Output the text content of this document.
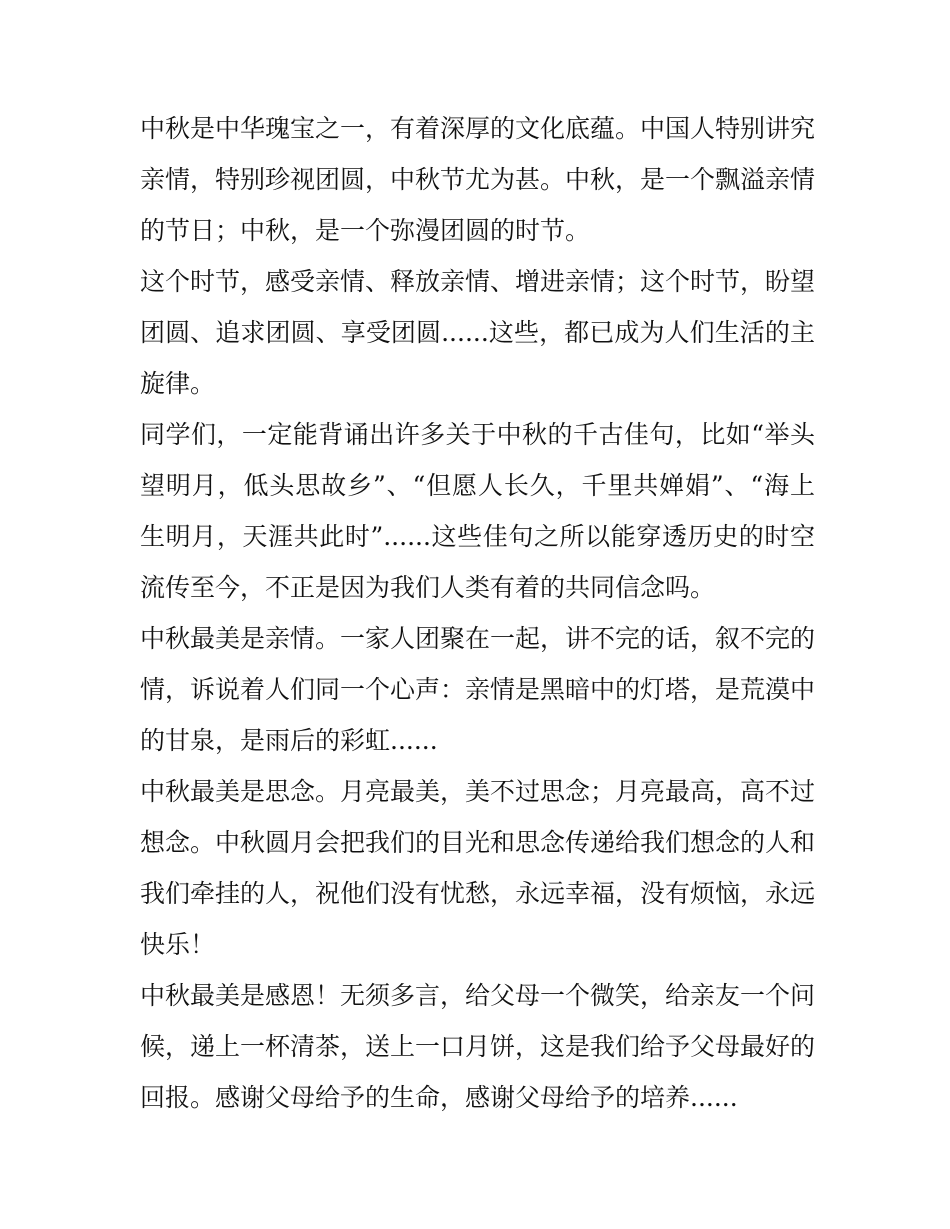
中秋是中华瑰宝之一，有着深厚的文化底蕴。中国人特别讲究亲情，特别珍视团圆，中秋节尤为甚。中秋，是一个飘溢亲情的节日；中秋，是一个弥漫团圆的时节。

这个时节，感受亲情、释放亲情、增进亲情；这个时节，盼望团圆、追求团圆、享受团圆......这些，都已成为人们生活的主旋律。

同学们，一定能背诵出许多关于中秋的千古佳句，比如“举头望明月，低头思故乡”、“但愿人长久，千里共婵娟”、“海上生明月，天涯共此时”......这些佳句之所以能穿透历史的时空流传至今，不正是因为我们人类有着的共同信念吗。

中秋最美是亲情。一家人团聚在一起，讲不完的话，叙不完的情，诉说着人们同一个心声：亲情是黑暗中的灯塔，是荒漠中的甘泉，是雨后的彩虹......

中秋最美是思念。月亮最美，美不过思念；月亮最高，高不过想念。中秋圆月会把我们的目光和思念传递给我们想念的人和我们牵挂的人，祝他们没有忧愁，永远幸福，没有烦恼，永远快乐！

中秋最美是感恩！无须多言，给父母一个微笑，给亲友一个问候，递上一杯清茶，送上一口月饼，这是我们给予父母最好的回报。感谢父母给予的生命，感谢父母给予的培养......
